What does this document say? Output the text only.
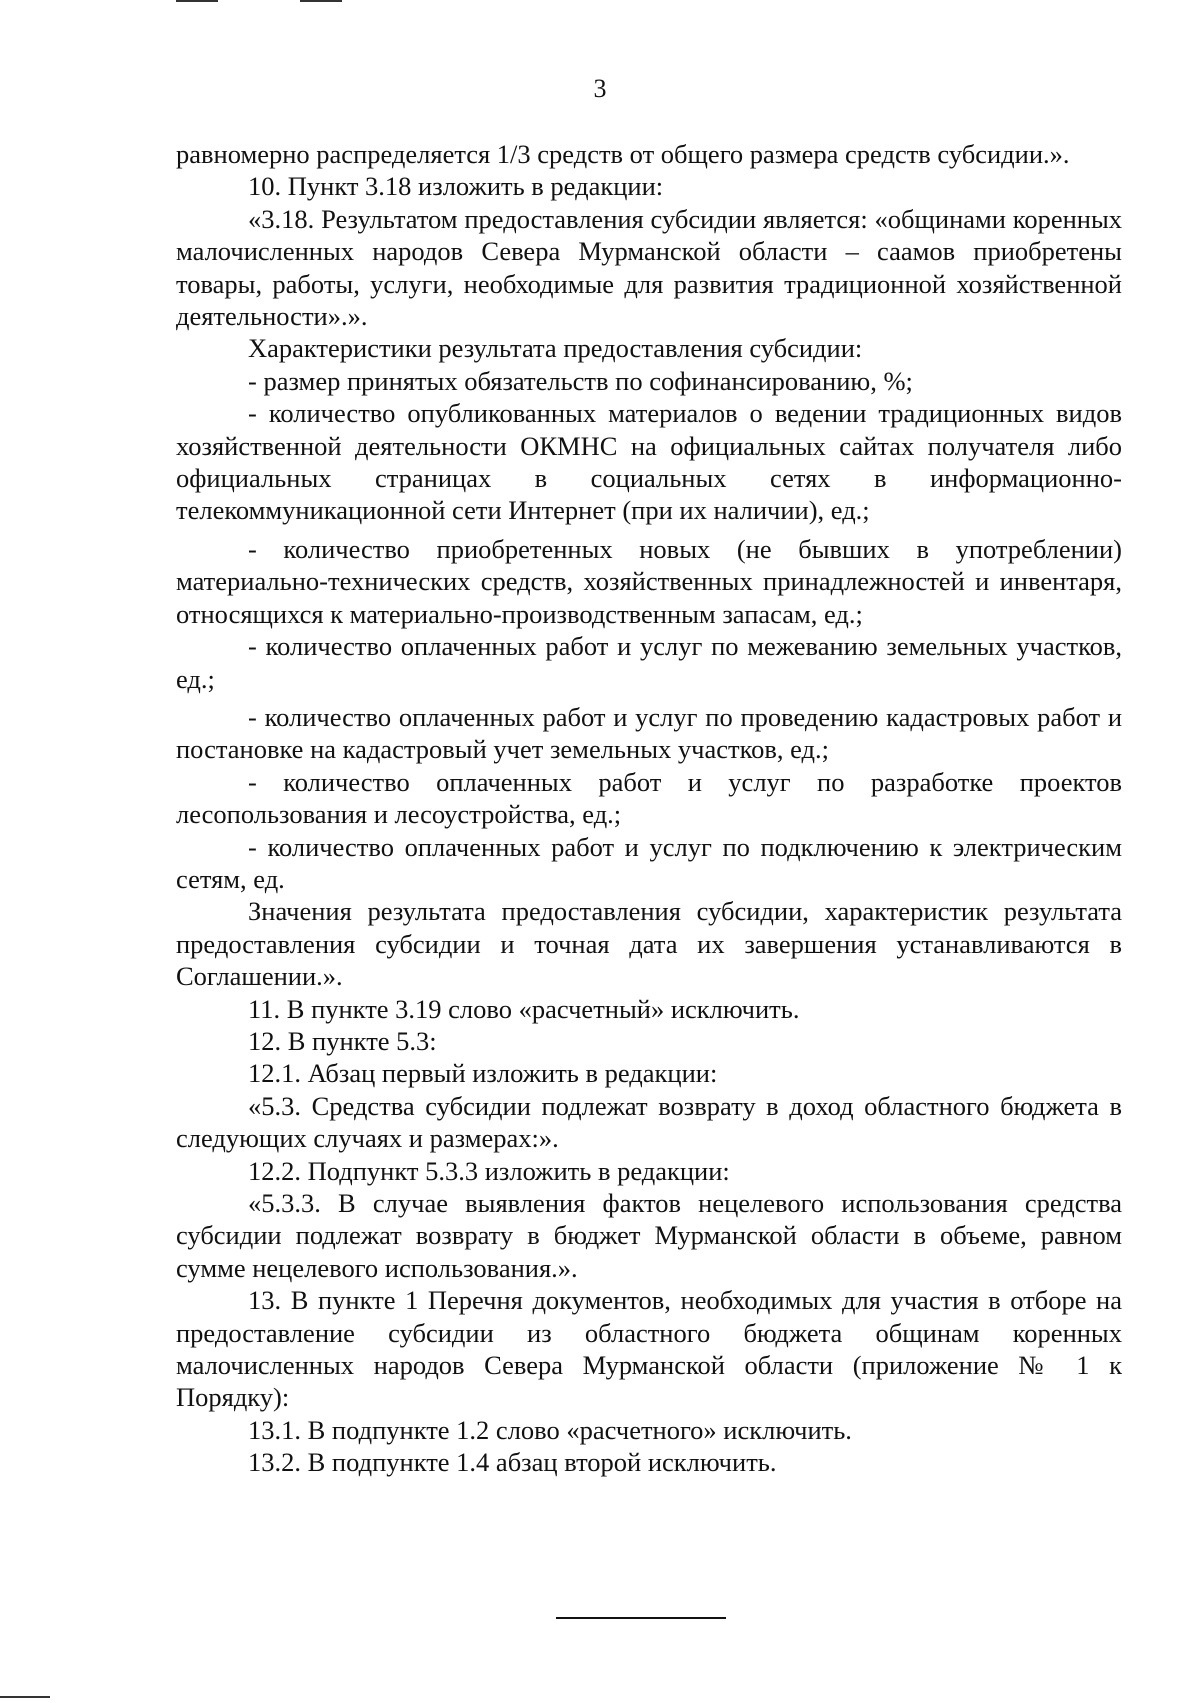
3

равномерно распределяется 1/3 средств от общего размера средств субсидии.».

10. Пункт 3.18 изложить в редакции:

«3.18. Результатом предоставления субсидии является: «общинами коренных малочисленных народов Севера Мурманской области – саамов приобретены товары, работы, услуги, необходимые для развития традиционной хозяйственной деятельности».».

Характеристики результата предоставления субсидии:

- размер принятых обязательств по софинансированию, %;

- количество опубликованных материалов о ведении традиционных видов хозяйственной деятельности ОКМНС на официальных сайтах получателя либо официальных страницах в социальных сетях в информационно-телекоммуникационной сети Интернет (при их наличии), ед.;

- количество приобретенных новых (не бывших в употреблении) материально-технических средств, хозяйственных принадлежностей и инвентаря, относящихся к материально-производственным запасам, ед.;

- количество оплаченных работ и услуг по межеванию земельных участков, ед.;

- количество оплаченных работ и услуг по проведению кадастровых работ и постановке на кадастровый учет земельных участков, ед.;

- количество оплаченных работ и услуг по разработке проектов лесопользования и лесоустройства, ед.;

- количество оплаченных работ и услуг по подключению к электрическим сетям, ед.

Значения результата предоставления субсидии, характеристик результата предоставления субсидии и точная дата их завершения устанавливаются в Соглашении.».

11. В пункте 3.19 слово «расчетный» исключить.

12. В пункте 5.3:

12.1. Абзац первый изложить в редакции:

«5.3. Средства субсидии подлежат возврату в доход областного бюджета в следующих случаях и размерах:».

12.2. Подпункт 5.3.3 изложить в редакции:

«5.3.3. В случае выявления фактов нецелевого использования средства субсидии подлежат возврату в бюджет Мурманской области в объеме, равном сумме нецелевого использования.».

13. В пункте 1 Перечня документов, необходимых для участия в отборе на предоставление субсидии из областного бюджета общинам коренных малочисленных народов Севера Мурманской области (приложение № 1 к Порядку):

13.1. В подпункте 1.2 слово «расчетного» исключить.

13.2. В подпункте 1.4 абзац второй исключить.
